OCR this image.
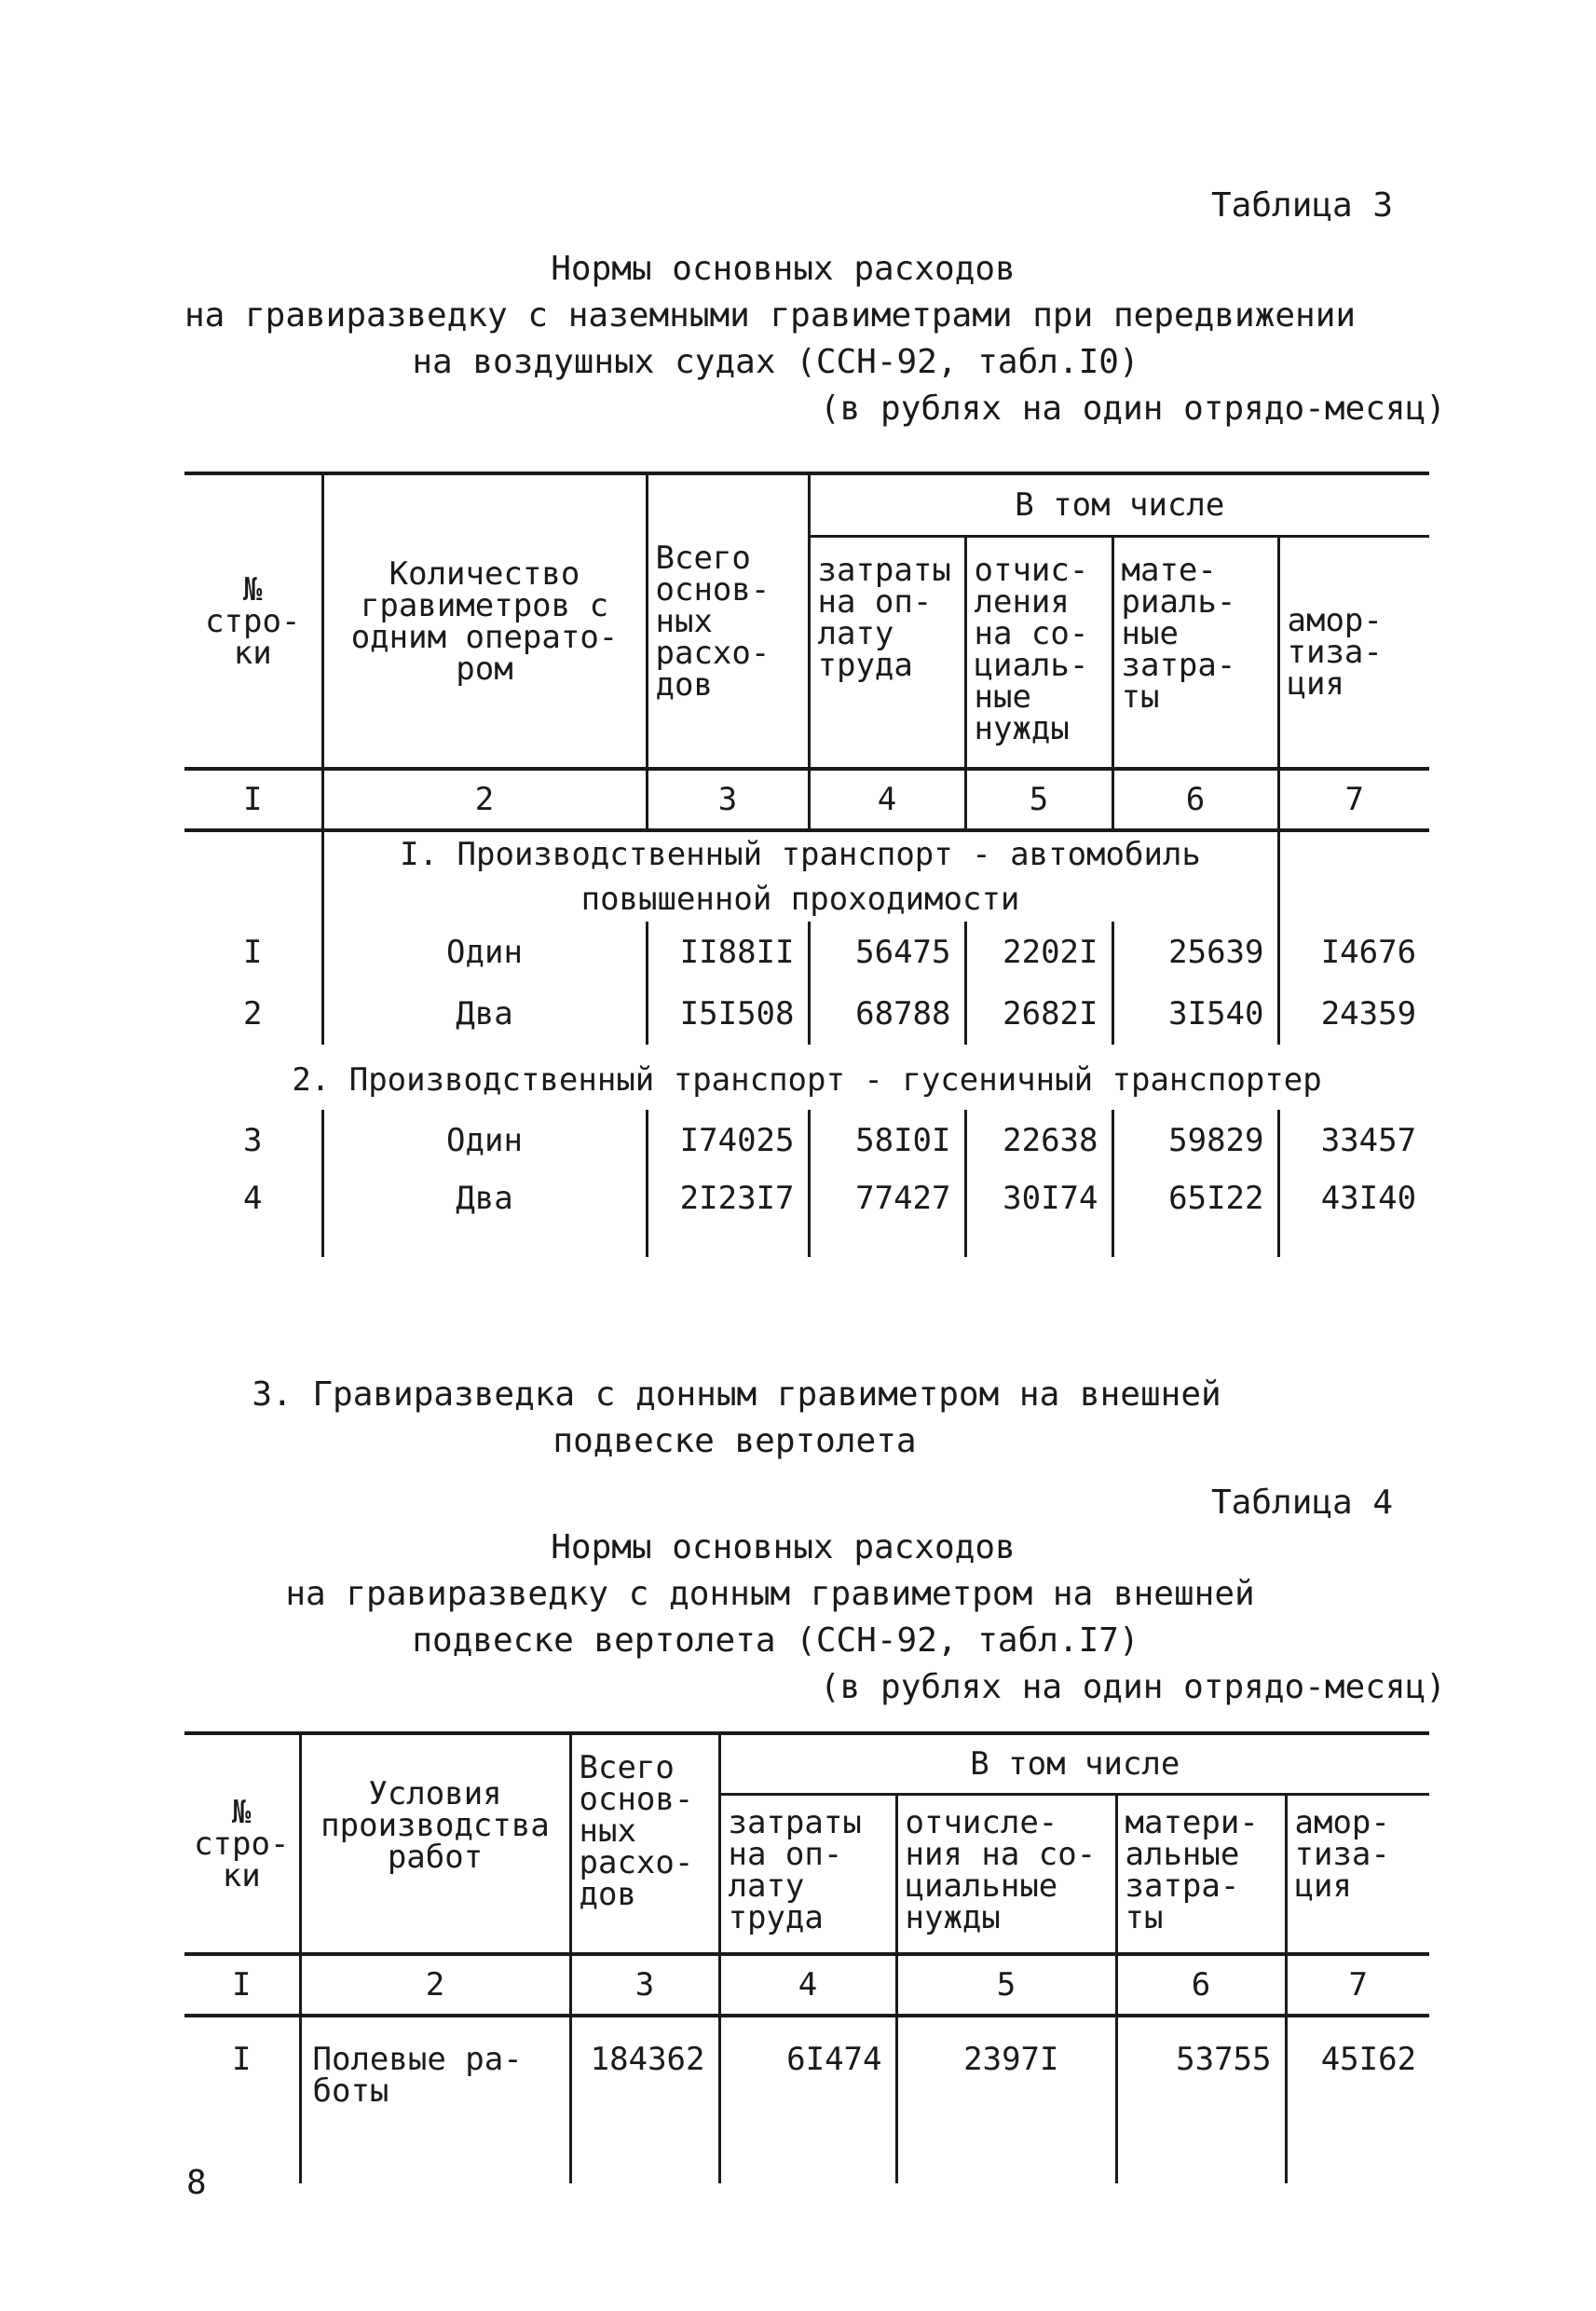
Таблица 3
Нормы основных расходов
на гравиразведку с наземными гравиметрами при передвижении
на воздушных судах (ССН-92, табл.I0)
(в рублях на один отрядо-месяц)
№ стро-ки	Количество гравиметров с одним операто-ром	Всего основ-ных расхо-дов	В том числе			
			затраты на оп-лату труда	отчис-ления на со-циаль-ные нужды	мате-риаль-ные затра-ты	амор-тиза-ция
I	2	3	4	5	6	7

	I. Производственный транспорт - автомобиль
повышенной проходимости					

I	Один	II88II	56475	2202I	25639	I4676
2	Два	I5I508	68788	2682I	3I540	24359
2. Производственный транспорт - гусеничный транспортер						
3	Один	I74025	58I0I	22638	59829	33457
4	Два	2I23I7	77427	30I74	65I22	43I40
3. Гравиразведка с донным гравиметром на внешней
подвеске вертолета
Таблица 4
Нормы основных расходов
на гравиразведку с донным гравиметром на внешней
подвеске вертолета (ССН-92, табл.I7)
(в рублях на один отрядо-месяц)
№ стро-ки	Условия производства работ	Всего основ-ных расхо-дов	В том числе			
			затраты на оп-лату труда	отчисле-ния на со-циальные нужды	матери-альные затра-ты	амор-тиза-ция
I	2	3	4	5	6	7
I	Полевые ра-боты	184362	6I474	2397I	53755	45I62
8
